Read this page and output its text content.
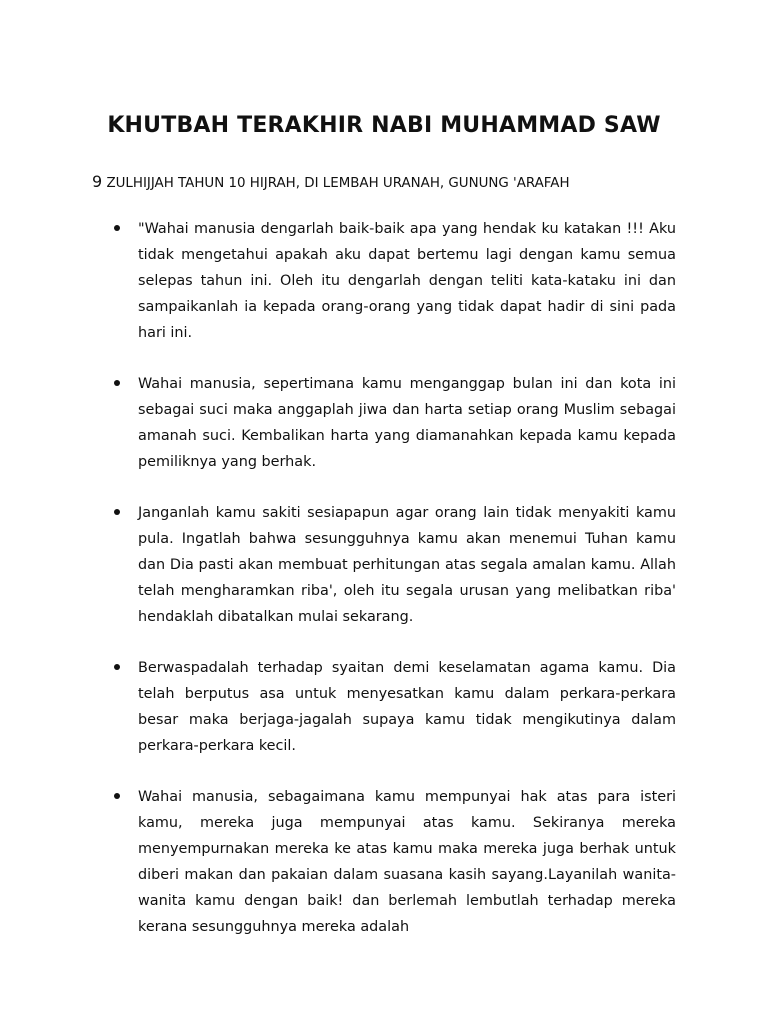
KHUTBAH TERAKHIR NABI MUHAMMAD SAW
9 ZULHIJJAH TAHUN 10 HIJRAH, DI LEMBAH URANAH, GUNUNG 'ARAFAH
"Wahai manusia dengarlah baik-baik apa yang hendak ku katakan !!! Aku tidak mengetahui apakah aku dapat bertemu lagi dengan kamu semua selepas tahun ini. Oleh itu dengarlah dengan teliti kata-kataku ini dan sampaikanlah ia kepada orang-orang yang tidak dapat hadir di sini pada hari ini.
Wahai manusia, sepertimana kamu menganggap bulan ini dan kota ini sebagai suci maka anggaplah jiwa dan harta setiap orang Muslim sebagai amanah suci. Kembalikan harta yang diamanahkan kepada kamu kepada pemiliknya yang berhak.
Janganlah kamu sakiti sesiapapun agar orang lain tidak menyakiti kamu pula. Ingatlah bahwa sesungguhnya kamu akan menemui Tuhan kamu dan Dia pasti akan membuat perhitungan atas segala amalan kamu. Allah telah mengharamkan riba', oleh itu segala urusan yang melibatkan riba' hendaklah dibatalkan mulai sekarang.
Berwaspadalah terhadap syaitan demi keselamatan agama kamu. Dia telah berputus asa untuk menyesatkan kamu dalam perkara-perkara besar maka berjaga-jagalah supaya kamu tidak mengikutinya dalam perkara-perkara kecil.
Wahai manusia, sebagaimana kamu mempunyai hak atas para isteri kamu, mereka juga mempunyai atas kamu. Sekiranya mereka menyempurnakan mereka ke atas kamu maka mereka juga berhak untuk diberi makan dan pakaian dalam suasana kasih sayang.Layanilah wanita-wanita kamu dengan baik! dan berlemah lembutlah terhadap mereka kerana sesungguhnya mereka adalah
